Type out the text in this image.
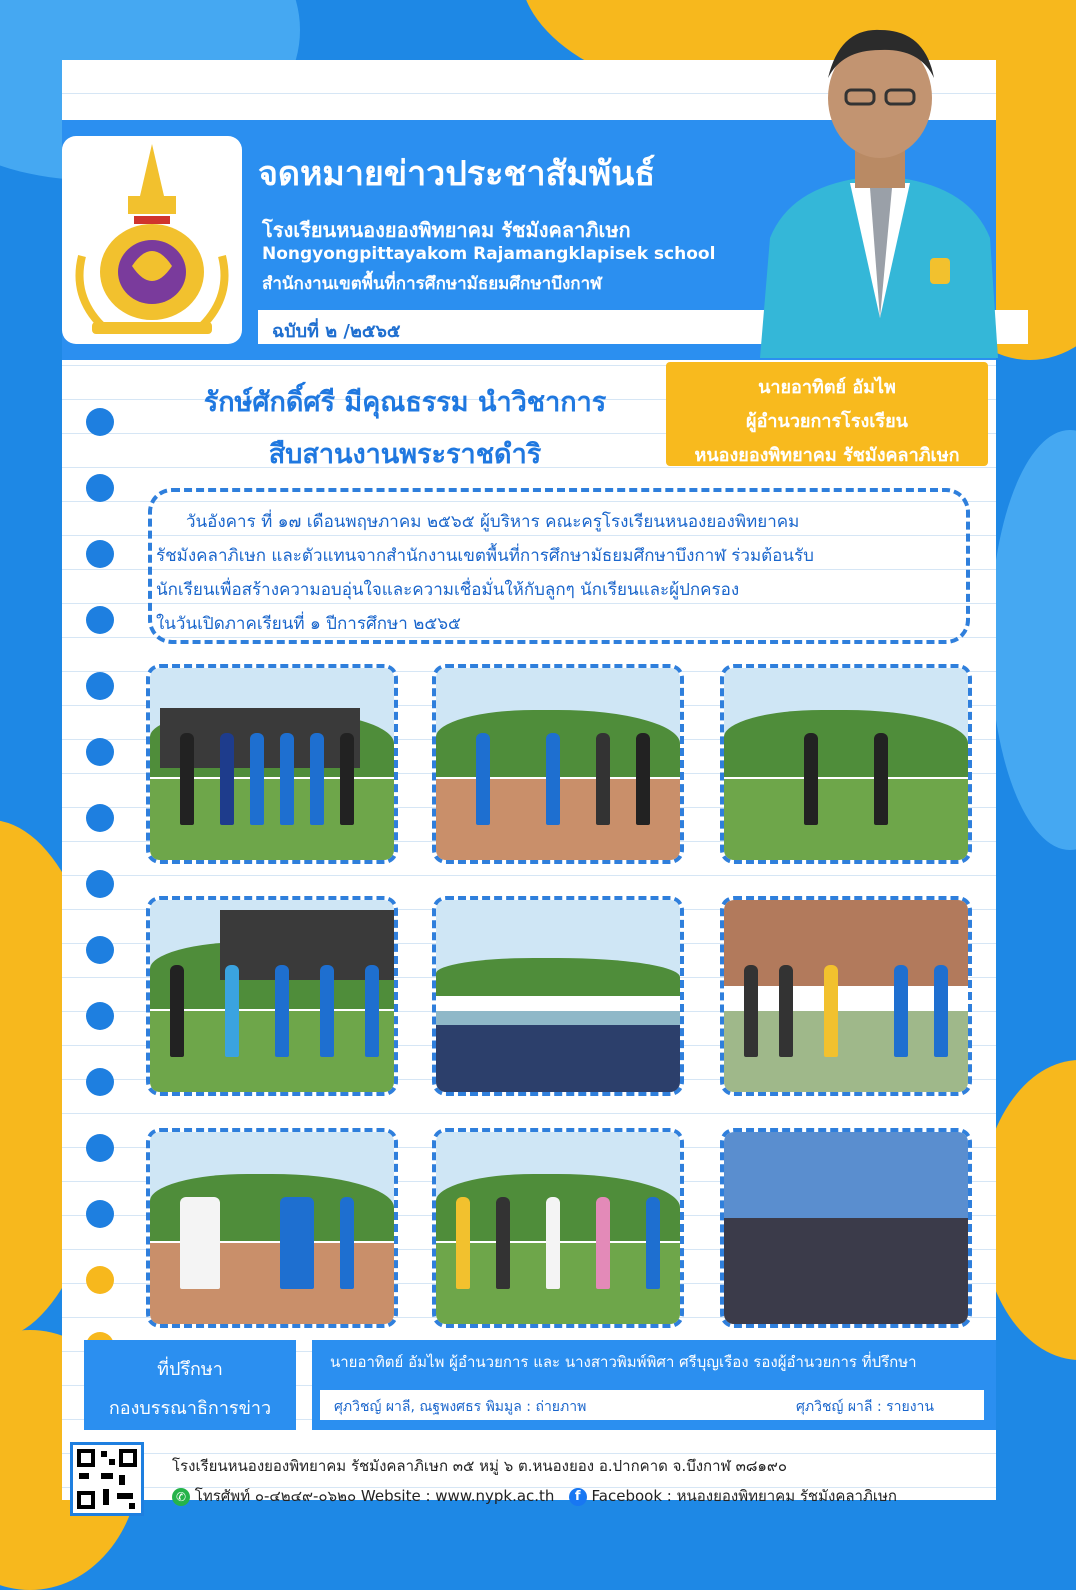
จดหมายข่าวประชาสัมพันธ์
โรงเรียนหนองยองพิทยาคม รัชมังคลาภิเษก
Nongyongpittayakom Rajamangklapisek school
สำนักงานเขตพื้นที่การศึกษามัธยมศึกษาบึงกาฬ
ฉบับที่ ๒ /๒๕๖๕
รักษ์ศักดิ์ศรี มีคุณธรรม นำวิชาการ
สืบสานงานพระราชดำริ
นายอาทิตย์ อัมไพ
ผู้อำนวยการโรงเรียน
หนองยองพิทยาคม รัชมังคลาภิเษก
วันอังคาร ที่ ๑๗ เดือนพฤษภาคม ๒๕๖๕ ผู้บริหาร คณะครูโรงเรียนหนองยองพิทยาคม
รัชมังคลาภิเษก และตัวแทนจากสำนักงานเขตพื้นที่การศึกษามัธยมศึกษาบึงกาฬ ร่วมต้อนรับ
นักเรียนเพื่อสร้างความอบอุ่นใจและความเชื่อมั่นให้กับลูกๆ นักเรียนและผู้ปกครอง
ในวันเปิดภาคเรียนที่ ๑ ปีการศึกษา ๒๕๖๕
ที่ปรึกษา
กองบรรณาธิการข่าว
นายอาทิตย์ อัมไพ ผู้อำนวยการ และ นางสาวพิมพ์พิศา ศรีบุญเรือง รองผู้อำนวยการ ที่ปรึกษา
ศุภวิชญ์ ผาลี, ณฐพงศธร พิมมูล : ถ่ายภาพ	ศุภวิชญ์ ผาลี : รายงาน
โรงเรียนหนองยองพิทยาคม รัชมังคลาภิเษก ๓๕ หมู่ ๖ ต.หนองยอง อ.ปากคาด จ.บึงกาฬ ๓๘๑๙๐
✆ โทรศัพท์ ๐-๔๒๔๙-๐๖๒๐ Website : www.nypk.ac.th f Facebook : หนองยองพิทยาคม รัชมังคลาภิเษก
